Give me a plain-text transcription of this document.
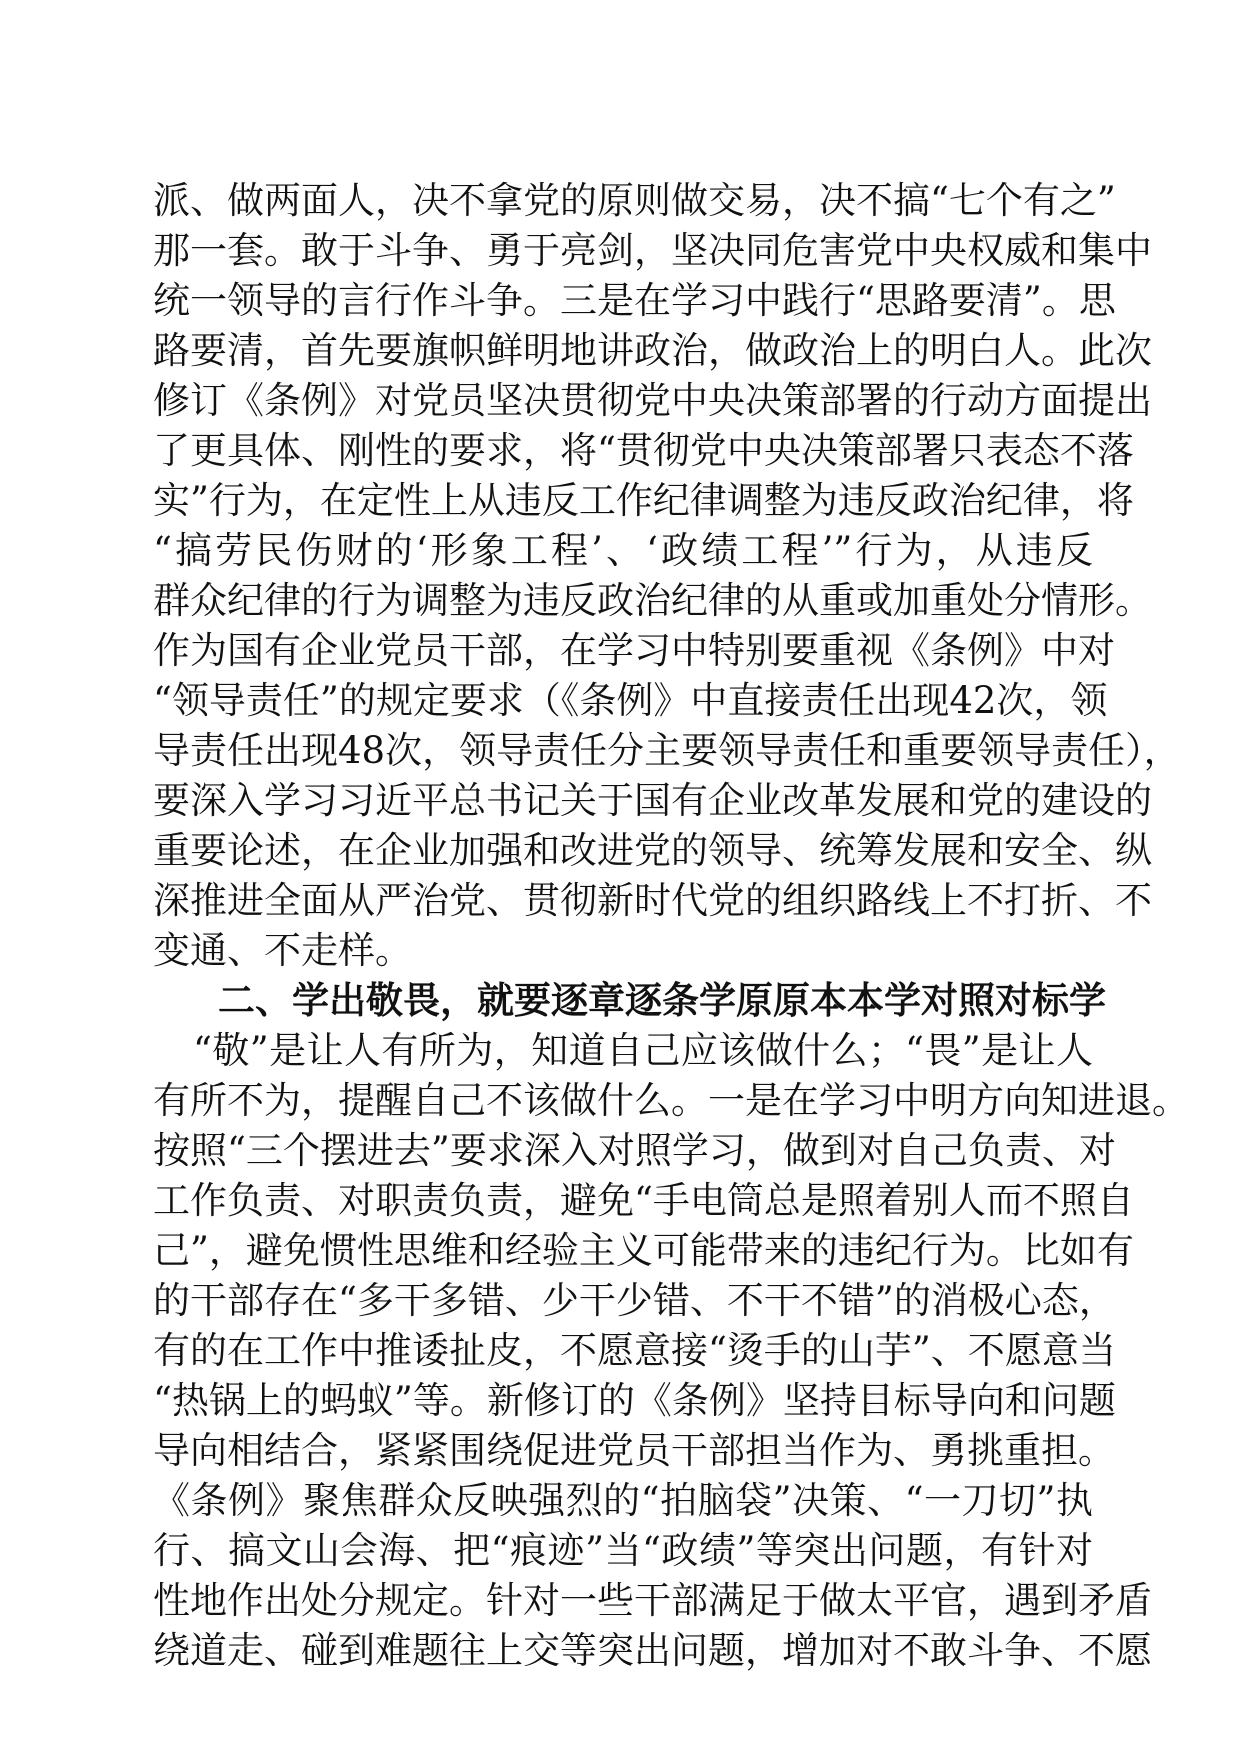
派、做两面人，决不拿党的原则做交易，决不搞“七个有之”
那一套。敢于斗争、勇于亮剑，坚决同危害党中央权威和集中
统一领导的言行作斗争。三是在学习中践行“思路要清”。思
路要清，首先要旗帜鲜明地讲政治，做政治上的明白人。此次
修订《条例》对党员坚决贯彻党中央决策部署的行动方面提出
了更具体、刚性的要求，将“贯彻党中央决策部署只表态不落
实”行为，在定性上从违反工作纪律调整为违反政治纪律，将
“搞劳民伤财的‘形象工程’、‘政绩工程’”行为，从违反
群众纪律的行为调整为违反政治纪律的从重或加重处分情形。
作为国有企业党员干部，在学习中特别要重视《条例》中对
“领导责任”的规定要求（《条例》中直接责任出现42次，领
导责任出现48次，领导责任分主要领导责任和重要领导责任），
要深入学习习近平总书记关于国有企业改革发展和党的建设的
重要论述，在企业加强和改进党的领导、统筹发展和安全、纵
深推进全面从严治党、贯彻新时代党的组织路线上不打折、不
变通、不走样。
二、学出敬畏，就要逐章逐条学原原本本学对照对标学
“敬”是让人有所为，知道自己应该做什么；“畏”是让人
有所不为，提醒自己不该做什么。一是在学习中明方向知进退。
按照“三个摆进去”要求深入对照学习，做到对自己负责、对
工作负责、对职责负责，避免“手电筒总是照着别人而不照自
己”，避免惯性思维和经验主义可能带来的违纪行为。比如有
的干部存在“多干多错、少干少错、不干不错”的消极心态，
有的在工作中推诿扯皮，不愿意接“烫手的山芋”、不愿意当
“热锅上的蚂蚁”等。新修订的《条例》坚持目标导向和问题
导向相结合，紧紧围绕促进党员干部担当作为、勇挑重担。
《条例》聚焦群众反映强烈的“拍脑袋”决策、“一刀切”执
行、搞文山会海、把“痕迹”当“政绩”等突出问题，有针对
性地作出处分规定。针对一些干部满足于做太平官，遇到矛盾
绕道走、碰到难题往上交等突出问题，增加对不敢斗争、不愿
